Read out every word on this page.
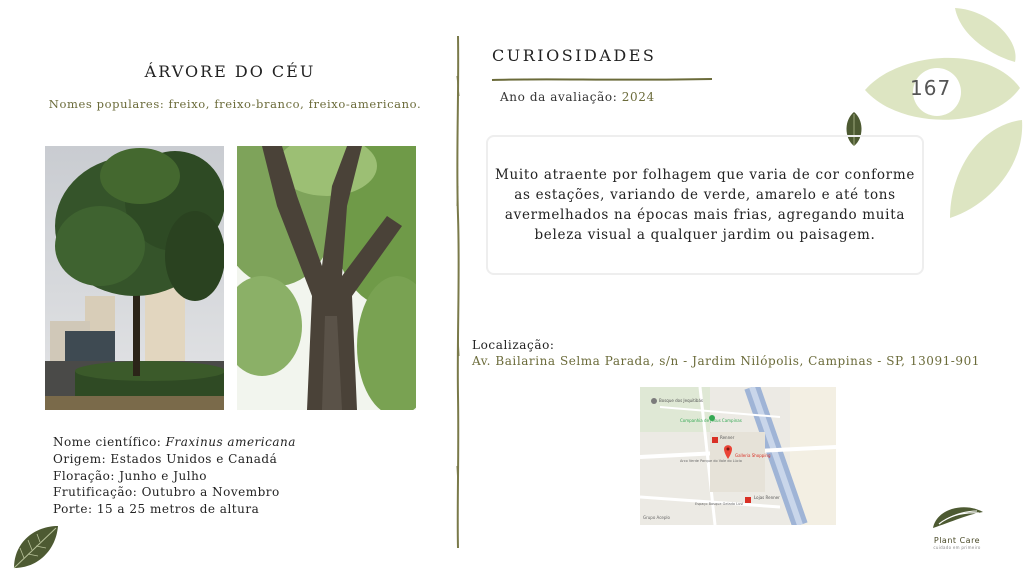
ÁRVORE DO CÉU
Nomes populares: freixo, freixo-branco, freixo-americano.
Nome científico: Fraxinus americana
Origem: Estados Unidos e Canadá
Floração: Junho e Julho
Frutificação: Outubro a Novembro
Porte: 15 a 25 metros de altura
CURIOSIDADES
Ano da avaliação: 2024	167
Muito atraente por folhagem que varia de cor conforme as estações, variando de verde, amarelo e até tons avermelhados na épocas mais frias, agregando muita beleza visual a qualquer jardim ou paisagem.
Localização:
Av. Bailarina Selma Parada, s/n - Jardim Nilópolis, Campinas - SP, 13091-901
Galleria Shopping
Bosque dos Jequitibás
Companhia de Jesus Campinas
Renner
Lojas Renner
Arco Verde Parque do Vale do Lúcio
Espaço Bosque Gelado Luvi
Grupo Aceplo
Plant Care
cuidado em primeiro
